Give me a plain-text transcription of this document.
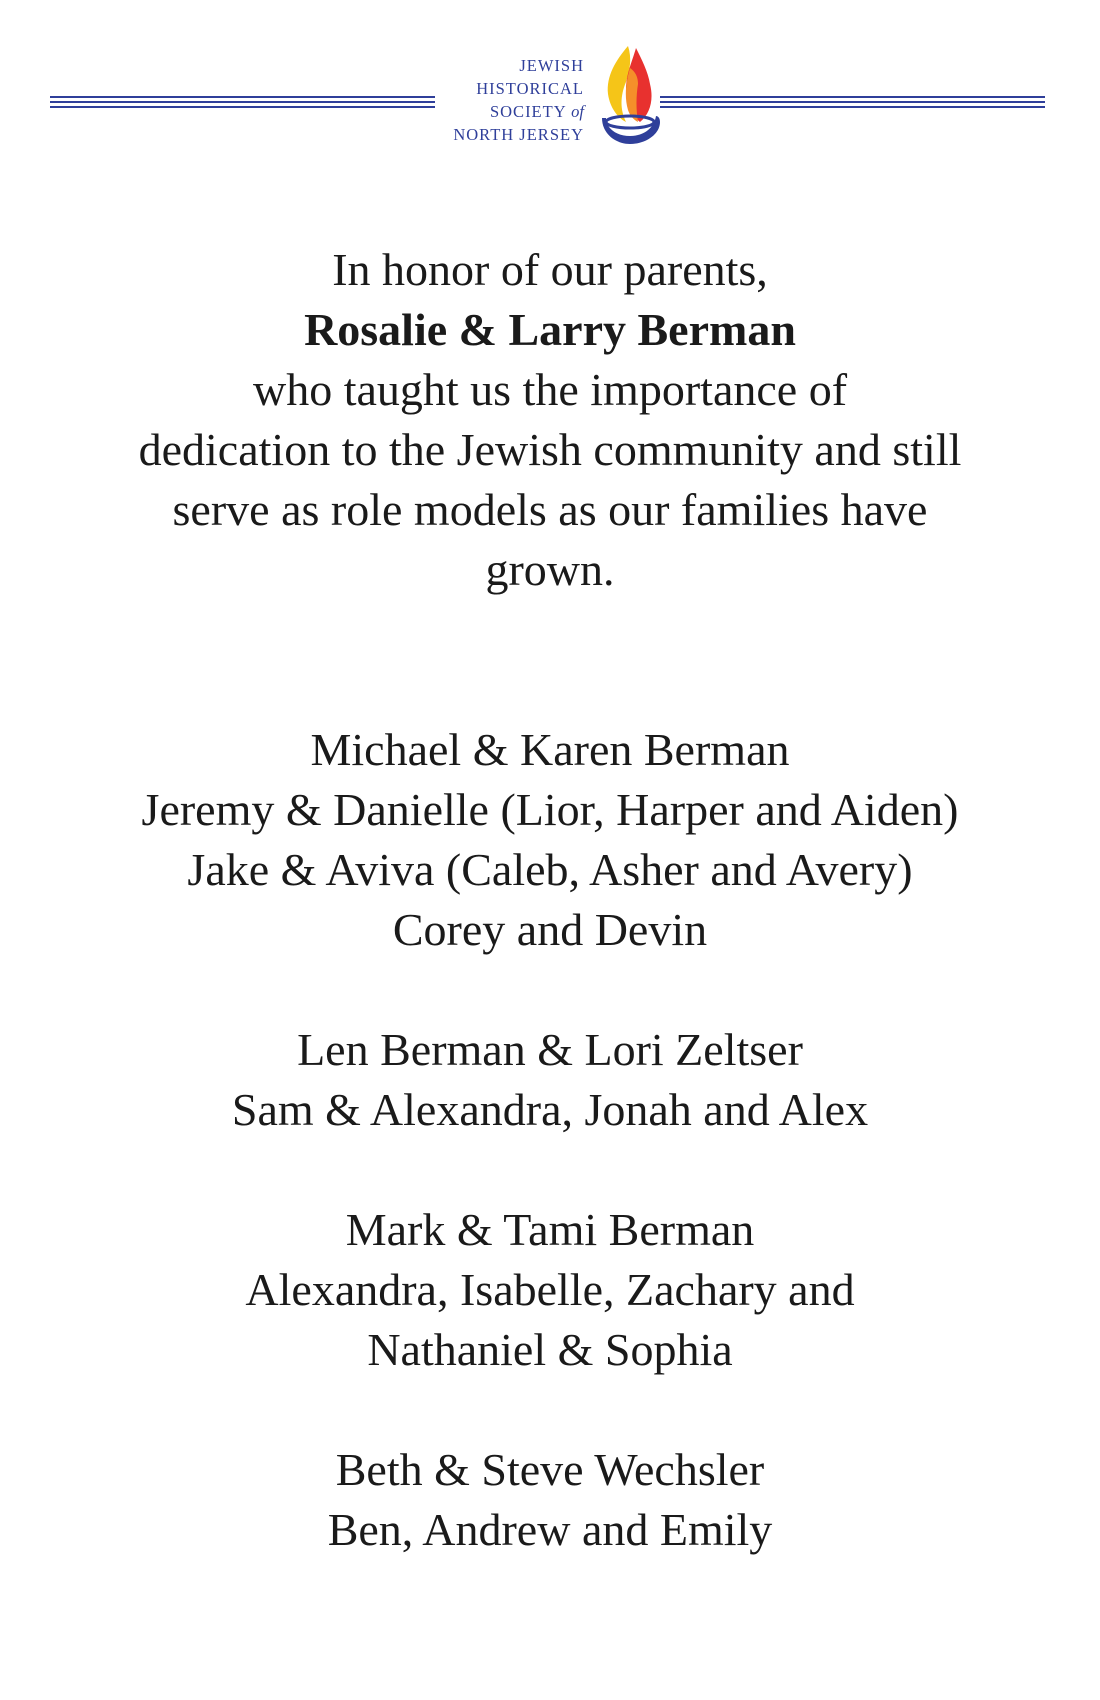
JEWISH
HISTORICAL
SOCIETY of
NORTH JERSEY
In honor of our parents,
Rosalie & Larry Berman
who taught us the importance of
dedication to the Jewish community and still
serve as role models as our families have
grown.
Michael & Karen Berman
Jeremy & Danielle (Lior, Harper and Aiden)
Jake & Aviva (Caleb, Asher and Avery)
Corey and Devin
Len Berman & Lori Zeltser
Sam & Alexandra, Jonah and Alex
Mark & Tami Berman
Alexandra, Isabelle, Zachary and
Nathaniel & Sophia
Beth & Steve Wechsler
Ben, Andrew and Emily
